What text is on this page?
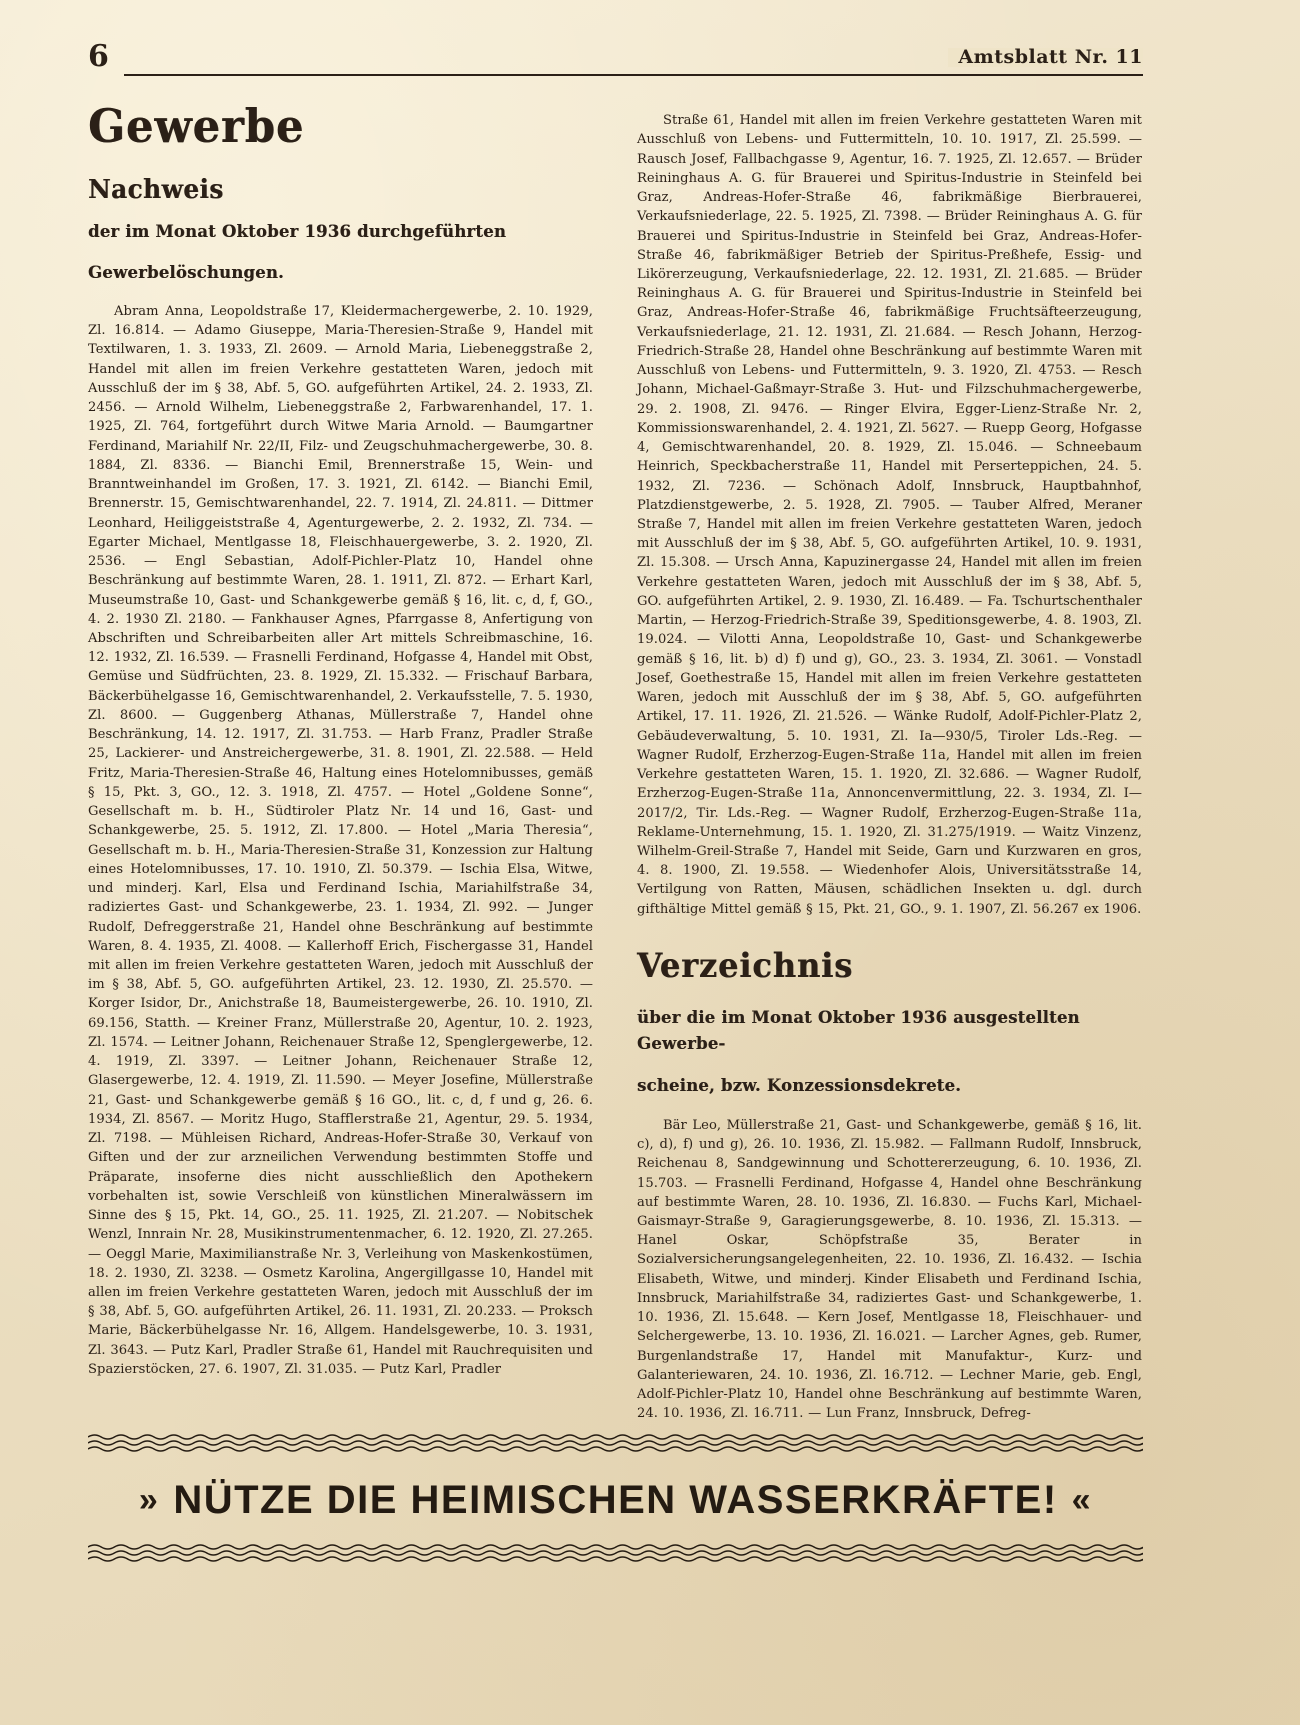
6	Amtsblatt Nr. 11
Gewerbe
Nachweis

der im Monat Oktober 1936 durchgeführten

Gewerbelöschungen.

Abram Anna, Leopoldstraße 17, Kleidermachergewerbe, 2. 10. 1929, Zl. 16.814. — Adamo Giuseppe, Maria-Theresien-Straße 9, Handel mit Textilwaren, 1. 3. 1933, Zl. 2609. — Arnold Maria, Liebeneggstraße 2, Handel mit allen im freien Verkehre gestatteten Waren, jedoch mit Ausschluß der im § 38, Abf. 5, GO. aufgeführten Artikel, 24. 2. 1933, Zl. 2456. — Arnold Wilhelm, Liebeneggstraße 2, Farbwarenhandel, 17. 1. 1925, Zl. 764, fortgeführt durch Witwe Maria Arnold. — Baumgartner Ferdinand, Mariahilf Nr. 22/II, Filz- und Zeugschuhmachergewerbe, 30. 8. 1884, Zl. 8336. — Bianchi Emil, Brennerstraße 15, Wein- und Branntweinhandel im Großen, 17. 3. 1921, Zl. 6142. — Bianchi Emil, Brennerstr. 15, Gemischtwarenhandel, 22. 7. 1914, Zl. 24.811. — Dittmer Leonhard, Heiliggeiststraße 4, Agenturgewerbe, 2. 2. 1932, Zl. 734. — Egarter Michael, Mentlgasse 18, Fleischhauergewerbe, 3. 2. 1920, Zl. 2536. — Engl Sebastian, Adolf-Pichler-Platz 10, Handel ohne Beschränkung auf bestimmte Waren, 28. 1. 1911, Zl. 872. — Erhart Karl, Museumstraße 10, Gast- und Schankgewerbe gemäß § 16, lit. c, d, f, GO., 4. 2. 1930 Zl. 2180. — Fankhauser Agnes, Pfarrgasse 8, Anfertigung von Abschriften und Schreibarbeiten aller Art mittels Schreibmaschine, 16. 12. 1932, Zl. 16.539. — Frasnelli Ferdinand, Hofgasse 4, Handel mit Obst, Gemüse und Südfrüchten, 23. 8. 1929, Zl. 15.332. — Frischauf Barbara, Bäckerbühelgasse 16, Gemischtwarenhandel, 2. Verkaufsstelle, 7. 5. 1930, Zl. 8600. — Guggenberg Athanas, Müllerstraße 7, Handel ohne Beschränkung, 14. 12. 1917, Zl. 31.753. — Harb Franz, Pradler Straße 25, Lackierer- und Anstreichergewerbe, 31. 8. 1901, Zl. 22.588. — Held Fritz, Maria-Theresien-Straße 46, Haltung eines Hotelomnibusses, gemäß § 15, Pkt. 3, GO., 12. 3. 1918, Zl. 4757. — Hotel „Goldene Sonne“, Gesellschaft m. b. H., Südtiroler Platz Nr. 14 und 16, Gast- und Schankgewerbe, 25. 5. 1912, Zl. 17.800. — Hotel „Maria Theresia“, Gesellschaft m. b. H., Maria-Theresien-Straße 31, Konzession zur Haltung eines Hotelomnibusses, 17. 10. 1910, Zl. 50.379. — Ischia Elsa, Witwe, und minderj. Karl, Elsa und Ferdinand Ischia, Mariahilfstraße 34, radiziertes Gast- und Schankgewerbe, 23. 1. 1934, Zl. 992. — Junger Rudolf, Defreggerstraße 21, Handel ohne Beschränkung auf bestimmte Waren, 8. 4. 1935, Zl. 4008. — Kallerhoff Erich, Fischergasse 31, Handel mit allen im freien Verkehre gestatteten Waren, jedoch mit Ausschluß der im § 38, Abf. 5, GO. aufgeführten Artikel, 23. 12. 1930, Zl. 25.570. — Korger Isidor, Dr., Anichstraße 18, Baumeistergewerbe, 26. 10. 1910, Zl. 69.156, Statth. — Kreiner Franz, Müllerstraße 20, Agentur, 10. 2. 1923, Zl. 1574. — Leitner Johann, Reichenauer Straße 12, Spenglergewerbe, 12. 4. 1919, Zl. 3397. — Leitner Johann, Reichenauer Straße 12, Glasergewerbe, 12. 4. 1919, Zl. 11.590. — Meyer Josefine, Müllerstraße 21, Gast- und Schankgewerbe gemäß § 16 GO., lit. c, d, f und g, 26. 6. 1934, Zl. 8567. — Moritz Hugo, Stafflerstraße 21, Agentur, 29. 5. 1934, Zl. 7198. — Mühleisen Richard, Andreas-Hofer-Straße 30, Verkauf von Giften und der zur arzneilichen Verwendung bestimmten Stoffe und Präparate, insoferne dies nicht ausschließlich den Apothekern vorbehalten ist, sowie Verschleiß von künstlichen Mineralwässern im Sinne des § 15, Pkt. 14, GO., 25. 11. 1925, Zl. 21.207. — Nobitschek Wenzl, Innrain Nr. 28, Musikinstrumentenmacher, 6. 12. 1920, Zl. 27.265. — Oeggl Marie, Maximilianstraße Nr. 3, Verleihung von Maskenkostümen, 18. 2. 1930, Zl. 3238. — Osmetz Karolina, Angergillgasse 10, Handel mit allen im freien Verkehre gestatteten Waren, jedoch mit Ausschluß der im § 38, Abf. 5, GO. aufgeführten Artikel, 26. 11. 1931, Zl. 20.233. — Proksch Marie, Bäckerbühelgasse Nr. 16, Allgem. Handelsgewerbe, 10. 3. 1931, Zl. 3643. — Putz Karl, Pradler Straße 61, Handel mit Rauchrequisiten und Spazierstöcken, 27. 6. 1907, Zl. 31.035. — Putz Karl, Pradler

Straße 61, Handel mit allen im freien Verkehre gestatteten Waren mit Ausschluß von Lebens- und Futtermitteln, 10. 10. 1917, Zl. 25.599. — Rausch Josef, Fallbachgasse 9, Agentur, 16. 7. 1925, Zl. 12.657. — Brüder Reininghaus A. G. für Brauerei und Spiritus-Industrie in Steinfeld bei Graz, Andreas-Hofer-Straße 46, fabrikmäßige Bierbrauerei, Verkaufsniederlage, 22. 5. 1925, Zl. 7398. — Brüder Reininghaus A. G. für Brauerei und Spiritus-Industrie in Steinfeld bei Graz, Andreas-Hofer-Straße 46, fabrikmäßiger Betrieb der Spiritus-Preßhefe, Essig- und Likörerzeugung, Verkaufsniederlage, 22. 12. 1931, Zl. 21.685. — Brüder Reininghaus A. G. für Brauerei und Spiritus-Industrie in Steinfeld bei Graz, Andreas-Hofer-Straße 46, fabrikmäßige Fruchtsäfteerzeugung, Verkaufsniederlage, 21. 12. 1931, Zl. 21.684. — Resch Johann, Herzog-Friedrich-Straße 28, Handel ohne Beschränkung auf bestimmte Waren mit Ausschluß von Lebens- und Futtermitteln, 9. 3. 1920, Zl. 4753. — Resch Johann, Michael-Gaßmayr-Straße 3. Hut- und Filzschuhmachergewerbe, 29. 2. 1908, Zl. 9476. — Ringer Elvira, Egger-Lienz-Straße Nr. 2, Kommissionswarenhandel, 2. 4. 1921, Zl. 5627. — Ruepp Georg, Hofgasse 4, Gemischtwarenhandel, 20. 8. 1929, Zl. 15.046. — Schneebaum Heinrich, Speckbacherstraße 11, Handel mit Perserteppichen, 24. 5. 1932, Zl. 7236. — Schönach Adolf, Innsbruck, Hauptbahnhof, Platzdienstgewerbe, 2. 5. 1928, Zl. 7905. — Tauber Alfred, Meraner Straße 7, Handel mit allen im freien Verkehre gestatteten Waren, jedoch mit Ausschluß der im § 38, Abf. 5, GO. aufgeführten Artikel, 10. 9. 1931, Zl. 15.308. — Ursch Anna, Kapuzinergasse 24, Handel mit allen im freien Verkehre gestatteten Waren, jedoch mit Ausschluß der im § 38, Abf. 5, GO. aufgeführten Artikel, 2. 9. 1930, Zl. 16.489. — Fa. Tschurtschenthaler Martin, — Herzog-Friedrich-Straße 39, Speditionsgewerbe, 4. 8. 1903, Zl. 19.024. — Vilotti Anna, Leopoldstraße 10, Gast- und Schankgewerbe gemäß § 16, lit. b) d) f) und g), GO., 23. 3. 1934, Zl. 3061. — Vonstadl Josef, Goethestraße 15, Handel mit allen im freien Verkehre gestatteten Waren, jedoch mit Ausschluß der im § 38, Abf. 5, GO. aufgeführten Artikel, 17. 11. 1926, Zl. 21.526. — Wänke Rudolf, Adolf-Pichler-Platz 2, Gebäudeverwaltung, 5. 10. 1931, Zl. Ia—930/5, Tiroler Lds.-Reg. — Wagner Rudolf, Erzherzog-Eugen-Straße 11a, Handel mit allen im freien Verkehre gestatteten Waren, 15. 1. 1920, Zl. 32.686. — Wagner Rudolf, Erzherzog-Eugen-Straße 11a, Annoncenvermittlung, 22. 3. 1934, Zl. I—2017/2, Tir. Lds.-Reg. — Wagner Rudolf, Erzherzog-Eugen-Straße 11a, Reklame-Unternehmung, 15. 1. 1920, Zl. 31.275/1919. — Waitz Vinzenz, Wilhelm-Greil-Straße 7, Handel mit Seide, Garn und Kurzwaren en gros, 4. 8. 1900, Zl. 19.558. — Wiedenhofer Alois, Universitätsstraße 14, Vertilgung von Ratten, Mäusen, schädlichen Insekten u. dgl. durch gifthältige Mittel gemäß § 15, Pkt. 21, GO., 9. 1. 1907, Zl. 56.267 ex 1906.

Verzeichnis

über die im Monat Oktober 1936 ausgestellten Gewerbe-

scheine, bzw. Konzessionsdekrete.

Bär Leo, Müllerstraße 21, Gast- und Schankgewerbe, gemäß § 16, lit. c), d), f) und g), 26. 10. 1936, Zl. 15.982. — Fallmann Rudolf, Innsbruck, Reichenau 8, Sandgewinnung und Schottererzeugung, 6. 10. 1936, Zl. 15.703. — Frasnelli Ferdinand, Hofgasse 4, Handel ohne Beschränkung auf bestimmte Waren, 28. 10. 1936, Zl. 16.830. — Fuchs Karl, Michael-Gaismayr-Straße 9, Garagierungsgewerbe, 8. 10. 1936, Zl. 15.313. — Hanel Oskar, Schöpfstraße 35, Berater in Sozialversicherungsangelegenheiten, 22. 10. 1936, Zl. 16.432. — Ischia Elisabeth, Witwe, und minderj. Kinder Elisabeth und Ferdinand Ischia, Innsbruck, Mariahilfstraße 34, radiziertes Gast- und Schankgewerbe, 1. 10. 1936, Zl. 15.648. — Kern Josef, Mentlgasse 18, Fleischhauer- und Selchergewerbe, 13. 10. 1936, Zl. 16.021. — Larcher Agnes, geb. Rumer, Burgenlandstraße 17, Handel mit Manufaktur-, Kurz- und Galanteriewaren, 24. 10. 1936, Zl. 16.712. — Lechner Marie, geb. Engl, Adolf-Pichler-Platz 10, Handel ohne Beschränkung auf bestimmte Waren, 24. 10. 1936, Zl. 16.711. — Lun Franz, Innsbruck, Defreg-

» NÜTZE DIE HEIMISCHEN WASSERKRÄFTE! «
